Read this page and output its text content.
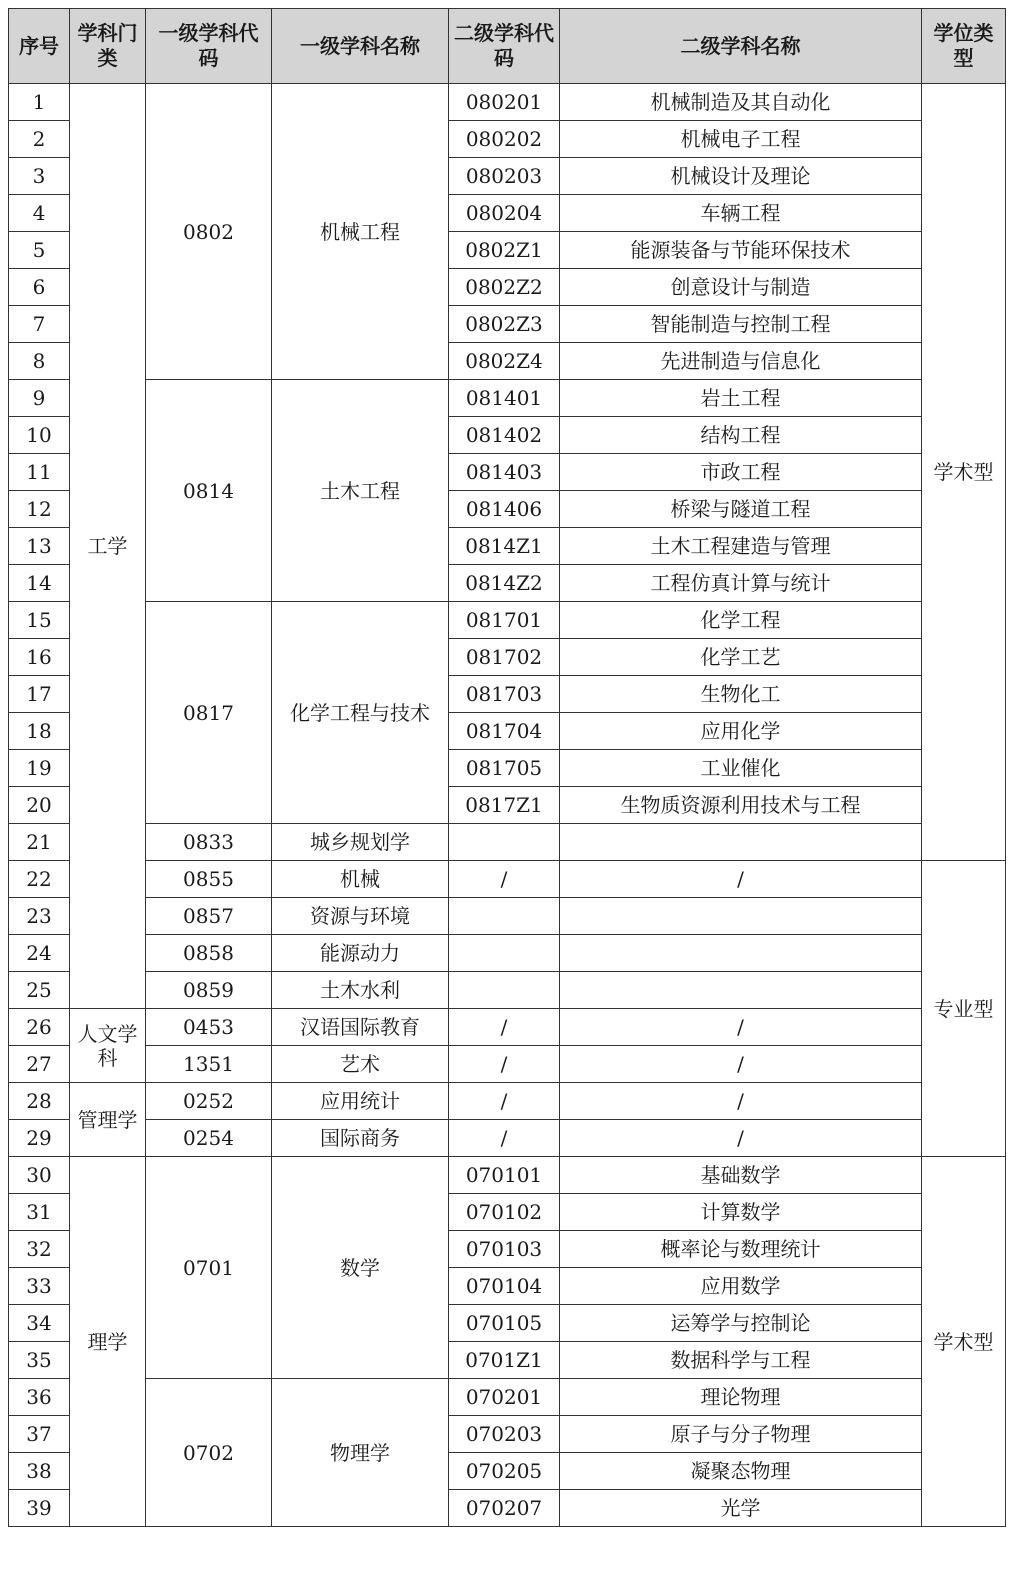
序号	学科门类	一级学科代码	一级学科名称	二级学科代码	二级学科名称	学位类型
1	工学	0802	机械工程	080201	机械制造及其自动化	学术型
2				080202	机械电子工程	
3				080203	机械设计及理论	
4				080204	车辆工程	
5				0802Z1	能源装备与节能环保技术	
6				0802Z2	创意设计与制造	
7				0802Z3	智能制造与控制工程	
8				0802Z4	先进制造与信息化	
9		0814	土木工程	081401	岩土工程	
10				081402	结构工程	
11				081403	市政工程	
12				081406	桥梁与隧道工程	
13				0814Z1	土木工程建造与管理	
14				0814Z2	工程仿真计算与统计	
15		0817	化学工程与技术	081701	化学工程	
16				081702	化学工艺	
17				081703	生物化工	
18				081704	应用化学	
19				081705	工业催化	
20				0817Z1	生物质资源利用技术与工程	
21		0833	城乡规划学			
22		0855	机械	/	/	专业型
23		0857	资源与环境			
24		0858	能源动力			
25		0859	土木水利			
26	人文学科	0453	汉语国际教育	/	/	
27		1351	艺术	/	/	
28	管理学	0252	应用统计	/	/	
29		0254	国际商务	/	/	
30	理学	0701	数学	070101	基础数学	学术型
31				070102	计算数学	
32				070103	概率论与数理统计	
33				070104	应用数学	
34				070105	运筹学与控制论	
35				0701Z1	数据科学与工程	
36		0702	物理学	070201	理论物理	
37				070203	原子与分子物理	
38				070205	凝聚态物理	
39				070207	光学	
